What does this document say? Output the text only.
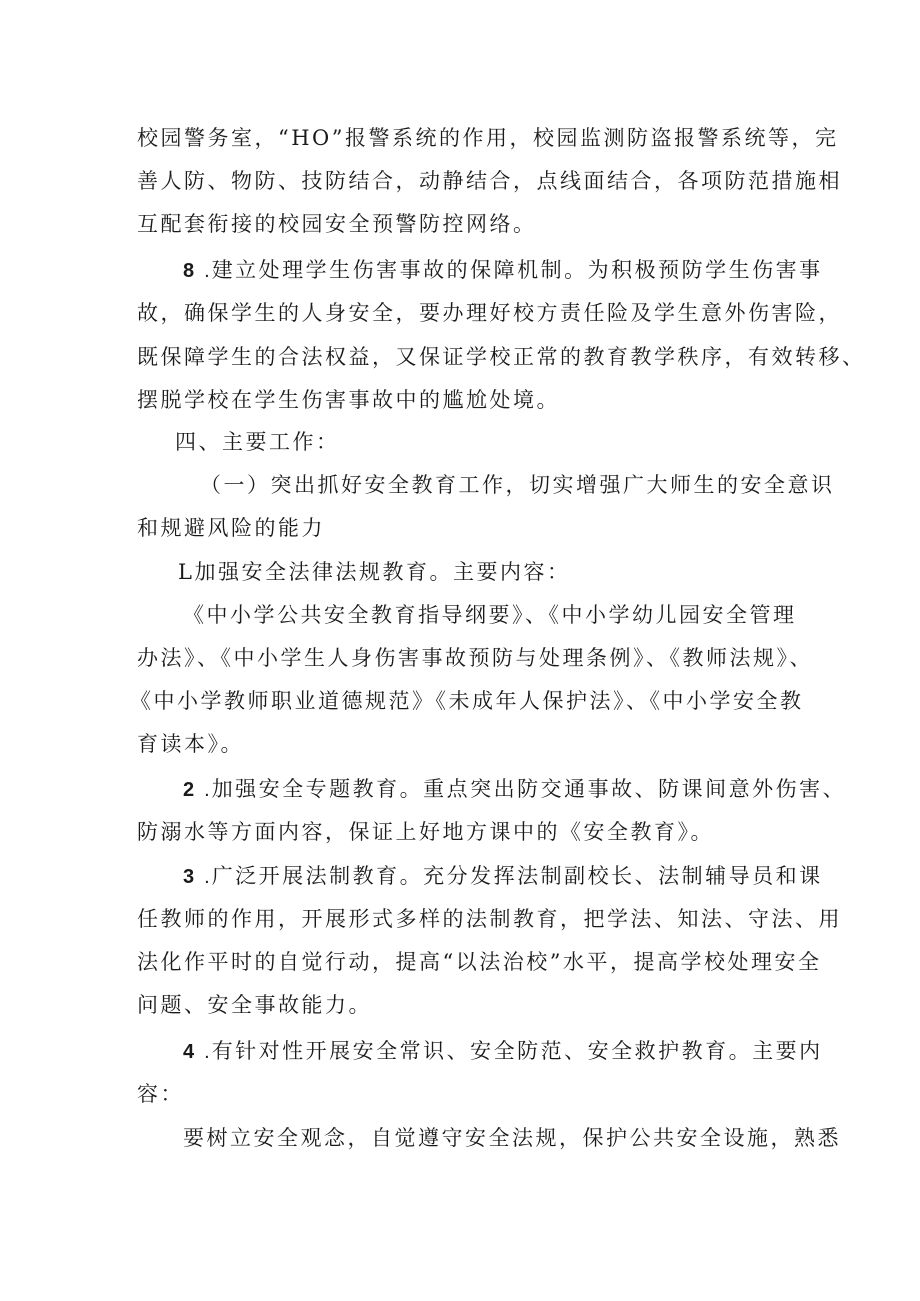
校园警务室，“HO”报警系统的作用，校园监测防盗报警系统等，完
善人防、物防、技防结合，动静结合，点线面结合，各项防范措施相
互配套衔接的校园安全预警防控网络。
8 .建立处理学生伤害事故的保障机制。为积极预防学生伤害事
故，确保学生的人身安全，要办理好校方责任险及学生意外伤害险，
既保障学生的合法权益，又保证学校正常的教育教学秩序，有效转移、
摆脱学校在学生伤害事故中的尴尬处境。
四、主要工作：
（一）突出抓好安全教育工作，切实增强广大师生的安全意识
和规避风险的能力
L加强安全法律法规教育。主要内容：
《中小学公共安全教育指导纲要》、《中小学幼儿园安全管理
办法》、《中小学生人身伤害事故预防与处理条例》、《教师法规》、
《中小学教师职业道德规范》《未成年人保护法》、《中小学安全教
育读本》。
2 .加强安全专题教育。重点突出防交通事故、防课间意外伤害、
防溺水等方面内容，保证上好地方课中的《安全教育》。
3 .广泛开展法制教育。充分发挥法制副校长、法制辅导员和课
任教师的作用，开展形式多样的法制教育，把学法、知法、守法、用
法化作平时的自觉行动，提高“以法治校”水平，提高学校处理安全
问题、安全事故能力。
4 .有针对性开展安全常识、安全防范、安全救护教育。主要内
容：
要树立安全观念，自觉遵守安全法规，保护公共安全设施，熟悉
